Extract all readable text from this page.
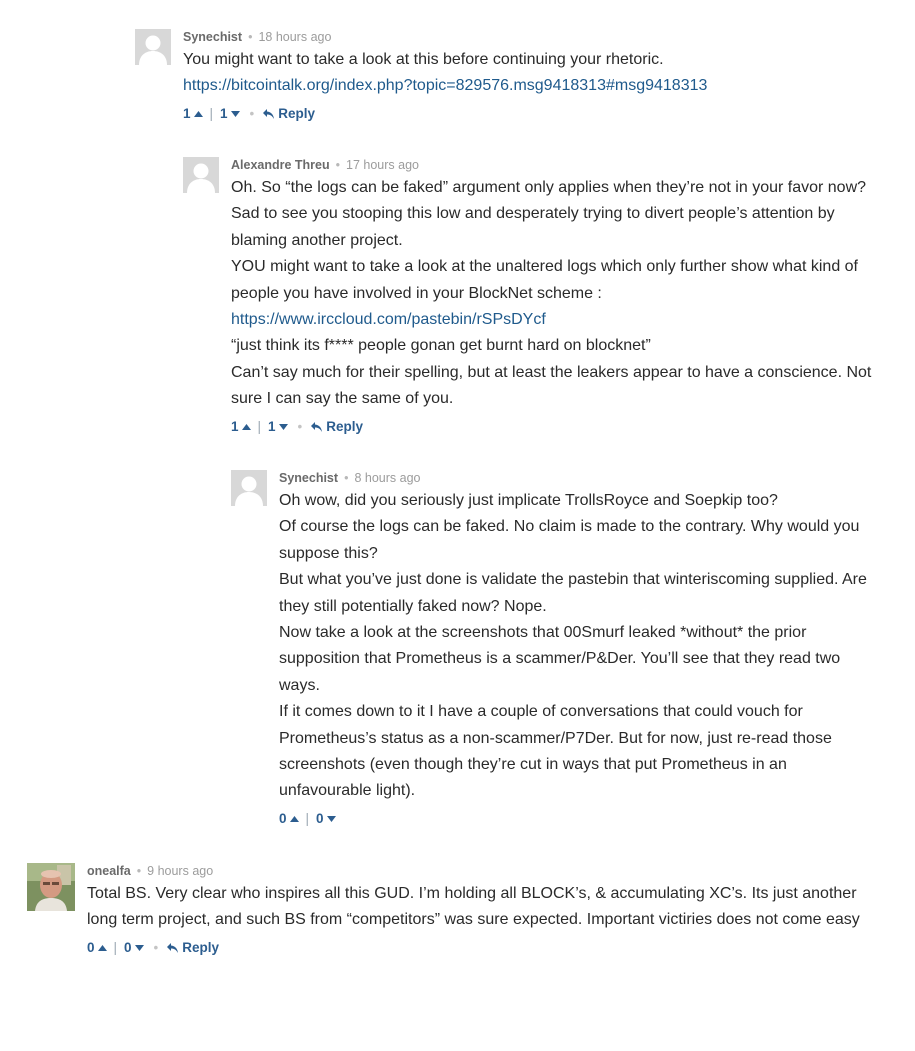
Synechist • 18 hours ago

You might want to take a look at this before continuing your rhetoric.

https://bitcointalk.org/index.php?topic=829576.msg9418313#msg9418313

1 | 1 • Reply
Alexandre Threu • 17 hours ago

Oh. So “the logs can be faked” argument only applies when they’re not in your favor now? Sad to see you stooping this low and desperately trying to divert people’s attention by blaming another project.

YOU might want to take a look at the unaltered logs which only further show what kind of people you have involved in your BlockNet scheme :

https://www.irccloud.com/pastebin/rSPsDYcf

“just think its f**** people gonan get burnt hard on blocknet”

Can’t say much for their spelling, but at least the leakers appear to have a conscience. Not sure I can say the same of you.

1 | 1 • Reply
Synechist • 8 hours ago

Oh wow, did you seriously just implicate TrollsRoyce and Soepkip too?

Of course the logs can be faked. No claim is made to the contrary. Why would you suppose this?

But what you’ve just done is validate the pastebin that winteriscoming supplied. Are they still potentially faked now? Nope.

Now take a look at the screenshots that 00Smurf leaked *without* the prior supposition that Prometheus is a scammer/P&Der. You’ll see that they read two ways.

If it comes down to it I have a couple of conversations that could vouch for Prometheus’s status as a non-scammer/P7Der. But for now, just re-read those screenshots (even though they’re cut in ways that put Prometheus in an unfavourable light).

0 | 0
onealfa • 9 hours ago

Total BS. Very clear who inspires all this GUD. I’m holding all BLOCK’s, & accumulating XC’s. Its just another long term project, and such BS from “competitors” was sure expected. Important victiries does not come easy

0 | 0 • Reply
